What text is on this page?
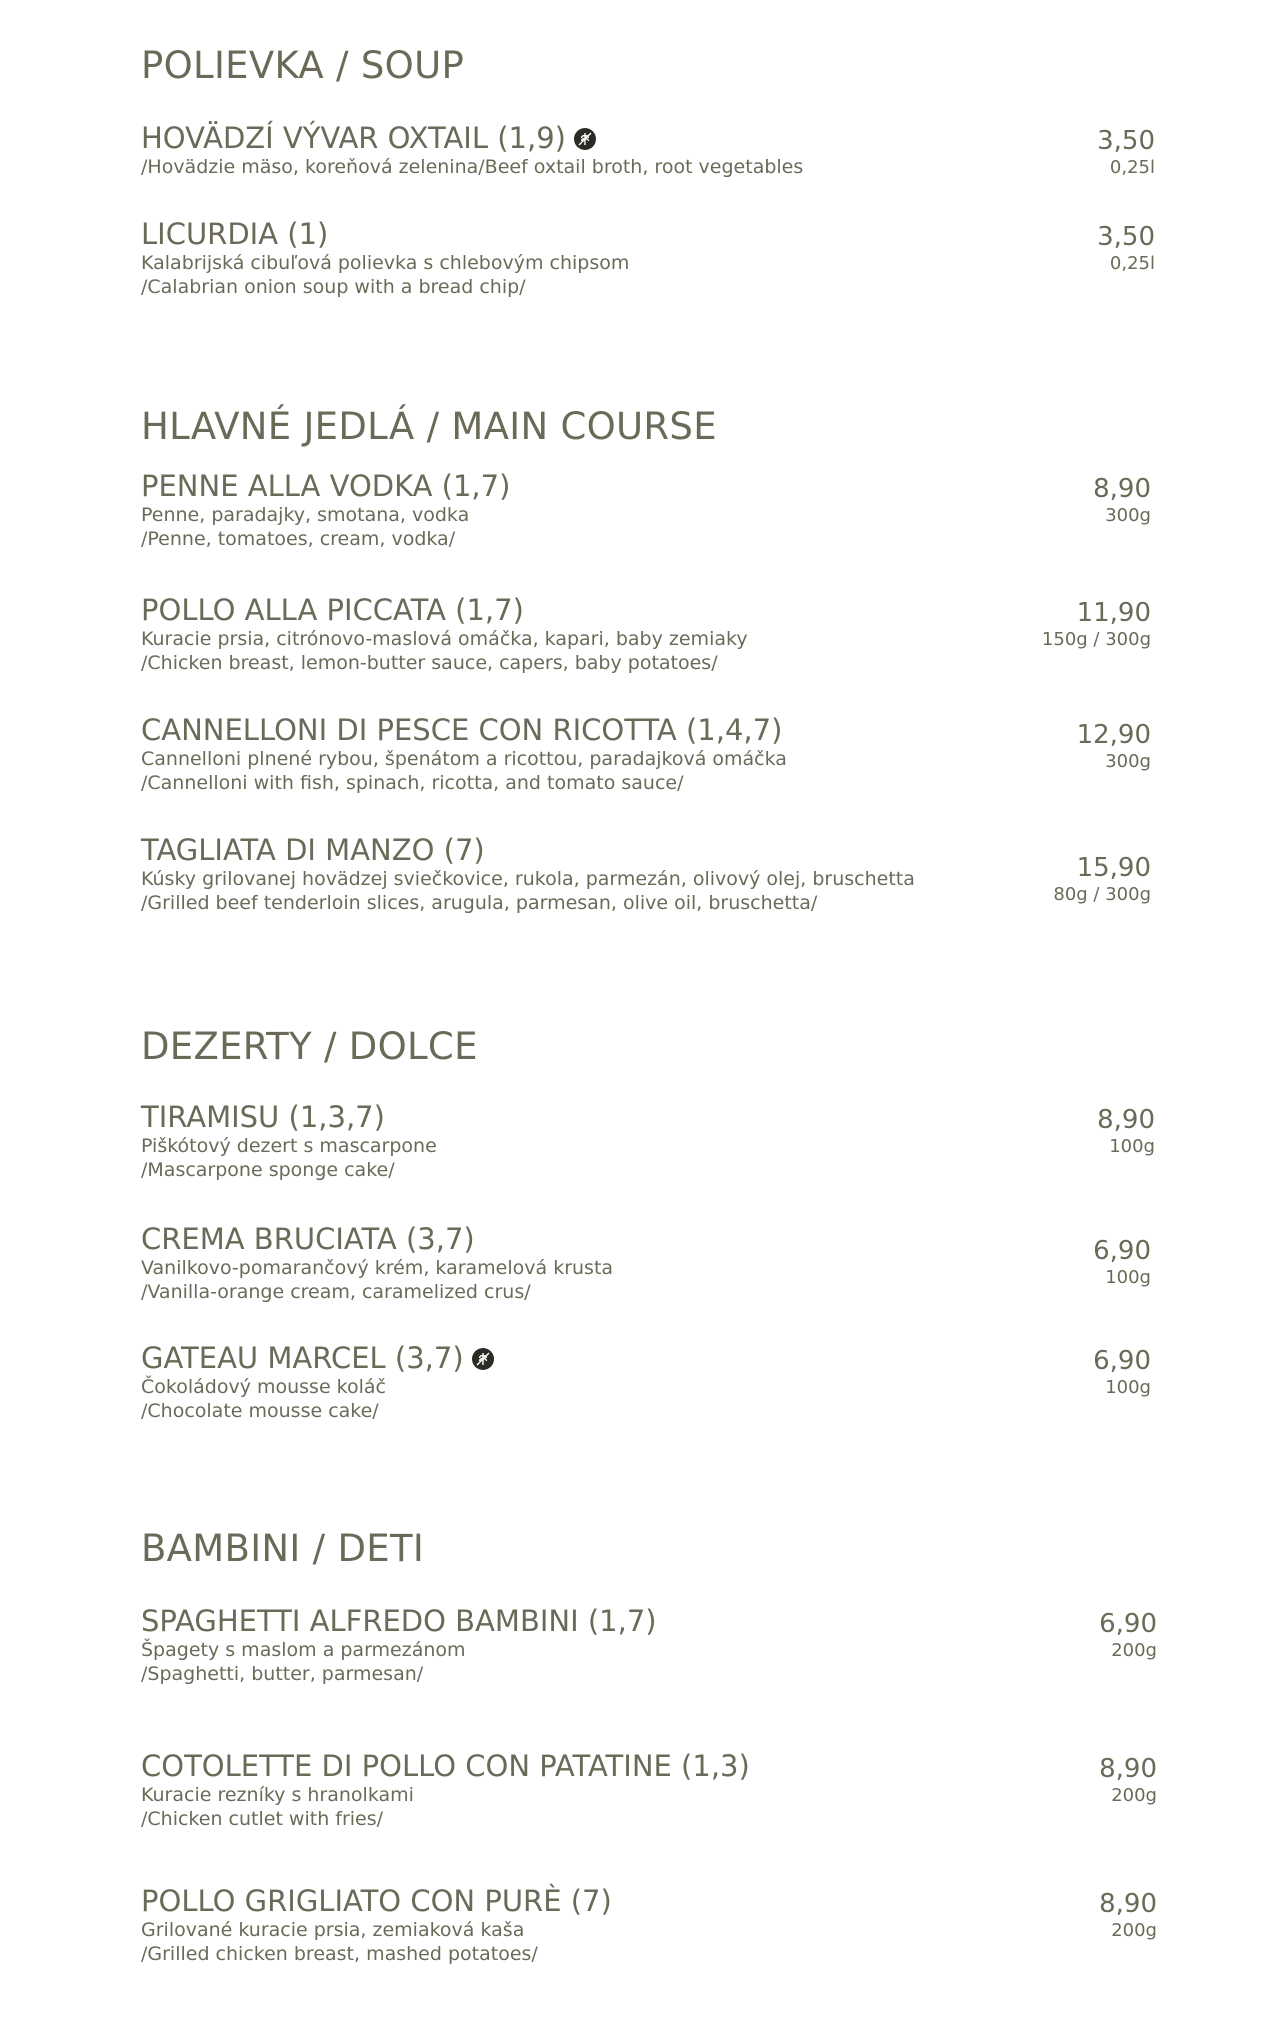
POLIEVKA / SOUP
HOVÄDZÍ VÝVAR OXTAIL (1,9)
/Hovädzie mäso, koreňová zelenina/Beef oxtail broth, root vegetables
3,50
0,25l
LICURDIA (1)
Kalabrijská cibuľová polievka s chlebovým chipsom
/Calabrian onion soup with a bread chip/
3,50
0,25l
HLAVNÉ JEDLÁ / MAIN COURSE
PENNE ALLA VODKA (1,7)
Penne, paradajky, smotana, vodka
/Penne, tomatoes, cream, vodka/
8,90
300g
POLLO ALLA PICCATA (1,7)
Kuracie prsia, citrónovo-maslová omáčka, kapari, baby zemiaky
/Chicken breast, lemon-butter sauce, capers, baby potatoes/
11,90
150g / 300g
CANNELLONI DI PESCE CON RICOTTA (1,4,7)
Cannelloni plnené rybou, špenátom a ricottou, paradajková omáčka
/Cannelloni with fish, spinach, ricotta, and tomato sauce/
12,90
300g
TAGLIATA DI MANZO (7)
Kúsky grilovanej hovädzej sviečkovice, rukola, parmezán, olivový olej, bruschetta
/Grilled beef tenderloin slices, arugula, parmesan, olive oil, bruschetta/
15,90
80g / 300g
DEZERTY / DOLCE
TIRAMISU (1,3,7)
Piškótový dezert s mascarpone
/Mascarpone sponge cake/
8,90
100g
CREMA BRUCIATA (3,7)
Vanilkovo-pomarančový krém, karamelová krusta
/Vanilla-orange cream, caramelized crus/
6,90
100g
GATEAU MARCEL (3,7)
Čokoládový mousse koláč
/Chocolate mousse cake/
6,90
100g
BAMBINI / DETI
SPAGHETTI ALFREDO BAMBINI (1,7)
Špagety s maslom a parmezánom
/Spaghetti, butter, parmesan/
6,90
200g
COTOLETTE DI POLLO CON PATATINE (1,3)
Kuracie rezníky s hranolkami
/Chicken cutlet with fries/
8,90
200g
POLLO GRIGLIATO CON PURÈ (7)
Grilované kuracie prsia, zemiaková kaša
/Grilled chicken breast, mashed potatoes/
8,90
200g
